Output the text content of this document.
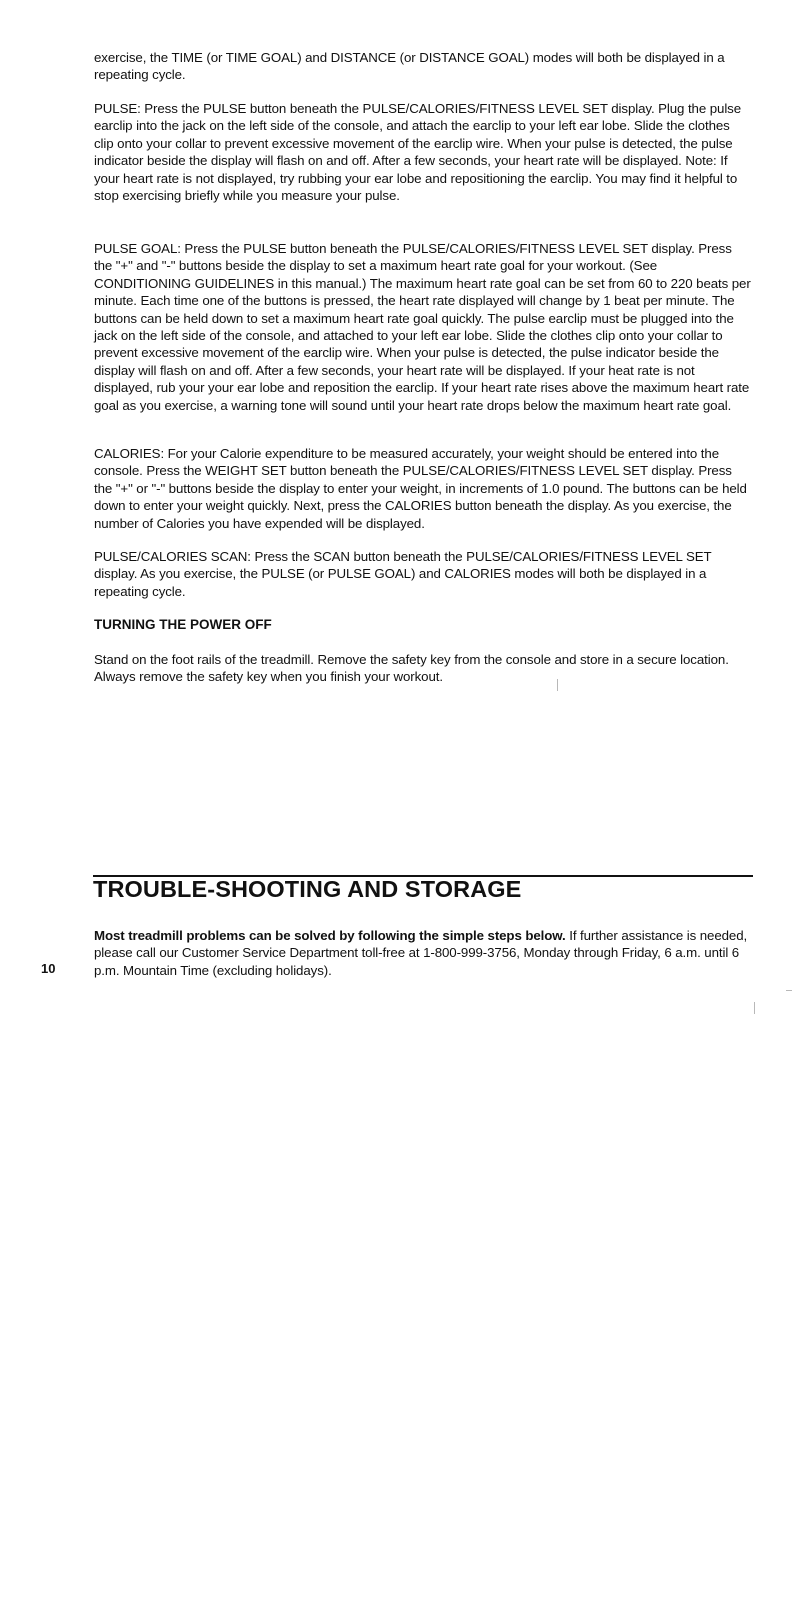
exercise, the TIME (or TIME GOAL) and DISTANCE (or DISTANCE GOAL) modes will both be displayed in a repeating cycle.

PULSE: Press the PULSE button beneath the PULSE/CALORIES/FITNESS LEVEL SET display. Plug the pulse earclip into the jack on the left side of the console, and attach the earclip to your left ear lobe. Slide the clothes clip onto your collar to prevent excessive movement of the earclip wire. When your pulse is detected, the pulse indicator beside the display will flash on and off. After a few seconds, your heart rate will be displayed. Note: If your heart rate is not displayed, try rubbing your ear lobe and repositioning the earclip. You may find it helpful to stop exercising briefly while you measure your pulse.

PULSE GOAL: Press the PULSE button beneath the PULSE/CALORIES/FITNESS LEVEL SET display. Press the "+" and "-" buttons beside the display to set a maximum heart rate goal for your workout. (See CONDITIONING GUIDELINES in this manual.) The maximum heart rate goal can be set from 60 to 220 beats per minute. Each time one of the buttons is pressed, the heart rate displayed will change by 1 beat per minute. The buttons can be held down to set a maximum heart rate goal quickly. The pulse earclip must be plugged into the jack on the left side of the console, and attached to your left ear lobe. Slide the clothes clip onto your collar to prevent excessive movement of the earclip wire. When your pulse is detected, the pulse indicator beside the display will flash on and off. After a few seconds, your heart rate will be displayed. If your heat rate is not displayed, rub your your ear lobe and reposition the earclip. If your heart rate rises above the maximum heart rate goal as you exercise, a warning tone will sound until your heart rate drops below the maximum heart rate goal.

CALORIES: For your Calorie expenditure to be measured accurately, your weight should be entered into the console. Press the WEIGHT SET button beneath the PULSE/CALORIES/FITNESS LEVEL SET display. Press the "+" or "-" buttons beside the display to enter your weight, in increments of 1.0 pound. The buttons can be held down to enter your weight quickly. Next, press the CALORIES button beneath the display. As you exercise, the number of Calories you have expended will be displayed.

PULSE/CALORIES SCAN: Press the SCAN button beneath the PULSE/CALORIES/FITNESS LEVEL SET display. As you exercise, the PULSE (or PULSE GOAL) and CALORIES modes will both be displayed in a repeating cycle.

TURNING THE POWER OFF

Stand on the foot rails of the treadmill. Remove the safety key from the console and store in a secure location. Always remove the safety key when you finish your workout.

TROUBLE-SHOOTING AND STORAGE

Most treadmill problems can be solved by following the simple steps below. If further assistance is needed, please call our Customer Service Department toll-free at 1-800-999-3756, Monday through Friday, 6 a.m. until 6 p.m. Mountain Time (excluding holidays).

10
